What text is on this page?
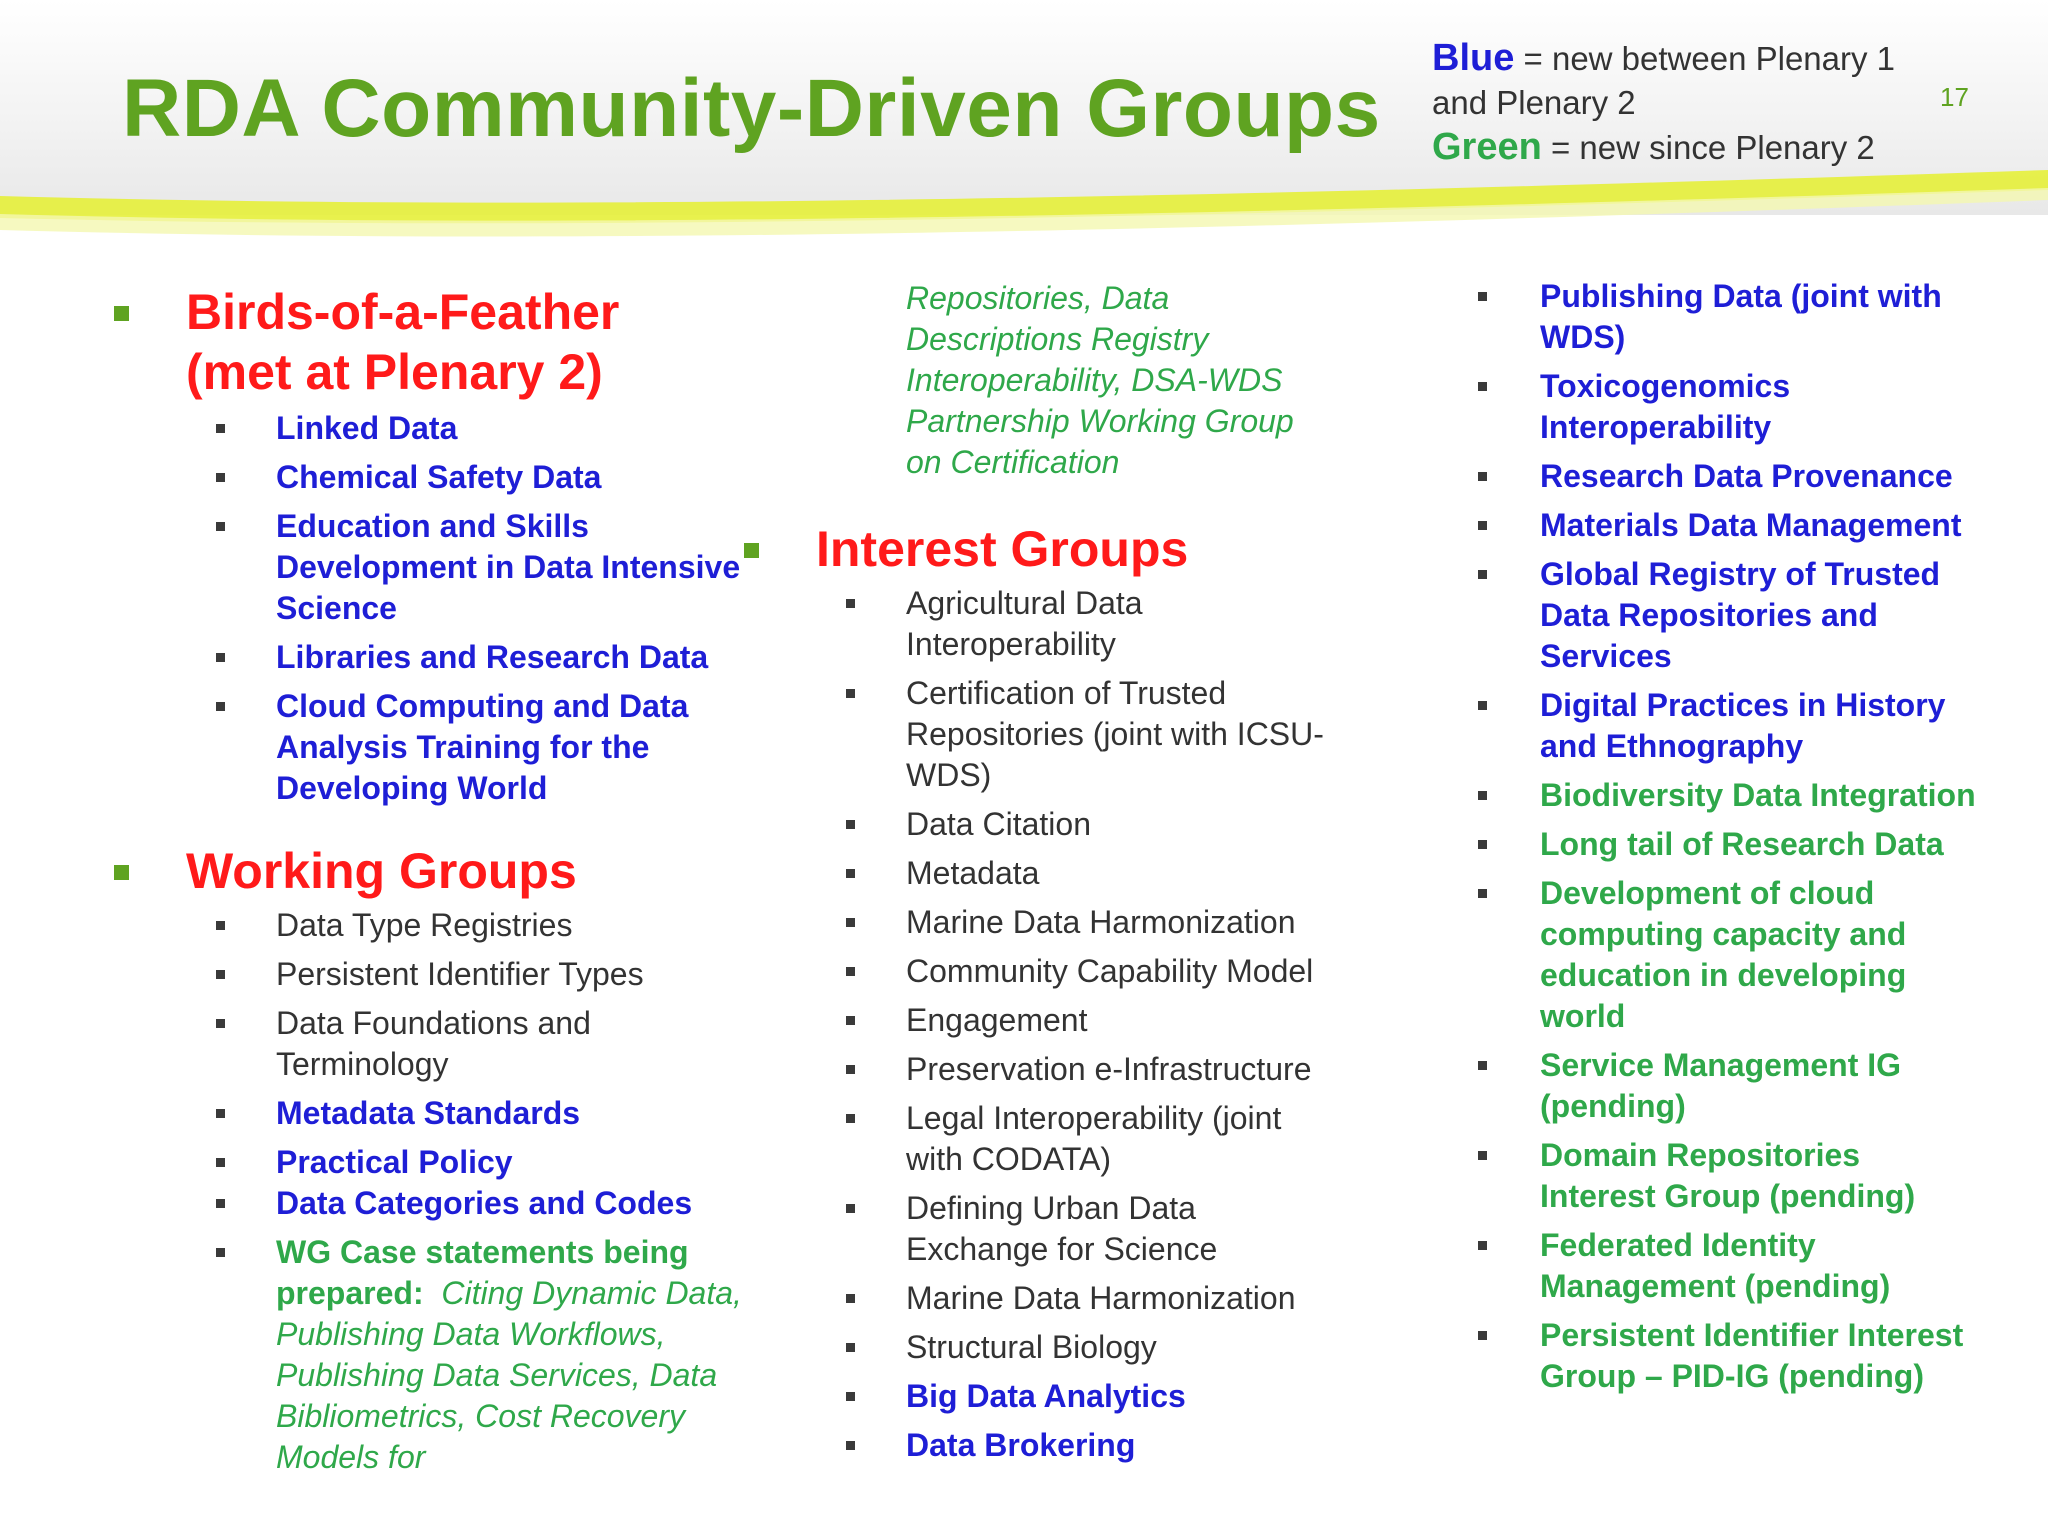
RDA Community-Driven Groups
Blue = new between Plenary 1 and Plenary 2
Green = new since Plenary 2
17
Birds-of-a-Feather
(met at Plenary 2)
Linked Data
Chemical Safety Data
Education and Skills Development in Data Intensive Science
Libraries and Research Data
Cloud Computing and Data Analysis Training for the Developing World
Working Groups
Data Type Registries
Persistent Identifier Types
Data Foundations and Terminology
Metadata Standards
Practical Policy
Data Categories and Codes
WG Case statements being prepared: Citing Dynamic Data, Publishing Data Workflows, Publishing Data Services, Data Bibliometrics, Cost Recovery Models for
Repositories, Data Descriptions Registry Interoperability, DSA-WDS Partnership Working Group on Certification
Interest Groups
Agricultural Data Interoperability
Certification of Trusted Repositories (joint with ICSU-WDS)
Data Citation
Metadata
Marine Data Harmonization
Community Capability Model
Engagement
Preservation e-Infrastructure
Legal Interoperability (joint with CODATA)
Defining Urban Data Exchange for Science
Marine Data Harmonization
Structural Biology
Big Data Analytics
Data Brokering
Publishing Data (joint with WDS)
Toxicogenomics Interoperability
Research Data Provenance
Materials Data Management
Global Registry of Trusted Data Repositories and Services
Digital Practices in History and Ethnography
Biodiversity Data Integration
Long tail of Research Data
Development of cloud computing capacity and education in developing world
Service Management IG (pending)
Domain Repositories Interest Group (pending)
Federated Identity Management (pending)
Persistent Identifier Interest Group – PID-IG (pending)
